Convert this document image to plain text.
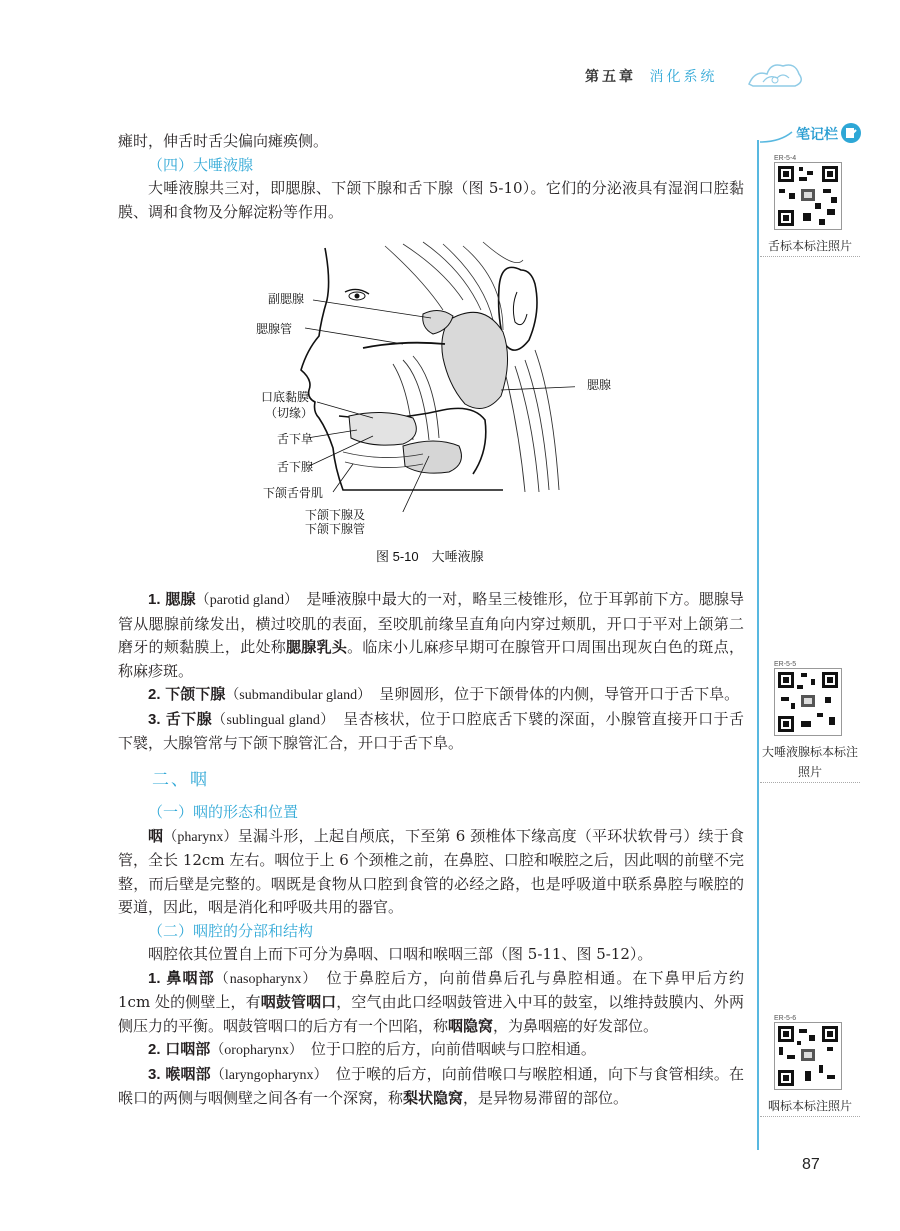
第五章 消化系统
笔记栏
ER-5-4
舌标本标注照片
ER-5-5
大唾液腺标本标注照片
ER-5-6
咽标本标注照片

瘫时，伸舌时舌尖偏向瘫痪侧。

（四）大唾液腺

大唾液腺共三对，即腮腺、下颌下腺和舌下腺（图 5-10）。它们的分泌液具有湿润口腔黏膜、调和食物及分解淀粉等作用。

副腮腺
腮腺管
腮腺
口底黏膜
（切缘）
舌下阜
舌下腺
下颌舌骨肌
下颌下腺及
下颌下腺管
图 5-10　大唾液腺

1. 腮腺（parotid gland）　 是唾液腺中最大的一对，略呈三棱锥形，位于耳郭前下方。腮腺导管从腮腺前缘发出，横过咬肌的表面，至咬肌前缘呈直角向内穿过颊肌，开口于平对上颌第二磨牙的颊黏膜上，此处称腮腺乳头。临床小儿麻疹早期可在腺管开口周围出现灰白色的斑点，称麻疹斑。

2. 下颌下腺（submandibular gland）　 呈卵圆形，位于下颌骨体的内侧，导管开口于舌下阜。

3. 舌下腺（sublingual gland）　 呈杏核状，位于口腔底舌下襞的深面，小腺管直接开口于舌下襞，大腺管常与下颌下腺管汇合，开口于舌下阜。

二、咽

（一）咽的形态和位置

咽（pharynx）呈漏斗形，上起自颅底，下至第 6 颈椎体下缘高度（平环状软骨弓）续于食管，全长 12cm 左右。咽位于上 6 个颈椎之前，在鼻腔、口腔和喉腔之后，因此咽的前壁不完整，而后壁是完整的。咽既是食物从口腔到食管的必经之路，也是呼吸道中联系鼻腔与喉腔的要道，因此，咽是消化和呼吸共用的器官。

（二）咽腔的分部和结构

咽腔依其位置自上而下可分为鼻咽、口咽和喉咽三部（图 5-11、图 5-12）。

1. 鼻咽部（nasopharynx）　 位于鼻腔后方，向前借鼻后孔与鼻腔相通。在下鼻甲后方约 1cm 处的侧壁上，有咽鼓管咽口，空气由此口经咽鼓管进入中耳的鼓室，以维持鼓膜内、外两侧压力的平衡。咽鼓管咽口的后方有一个凹陷，称咽隐窝，为鼻咽癌的好发部位。

2. 口咽部（oropharynx）　 位于口腔的后方，向前借咽峡与口腔相通。

3. 喉咽部（laryngopharynx）　 位于喉的后方，向前借喉口与喉腔相通，向下与食管相续。在喉口的两侧与咽侧壁之间各有一个深窝，称梨状隐窝，是异物易滞留的部位。

87
